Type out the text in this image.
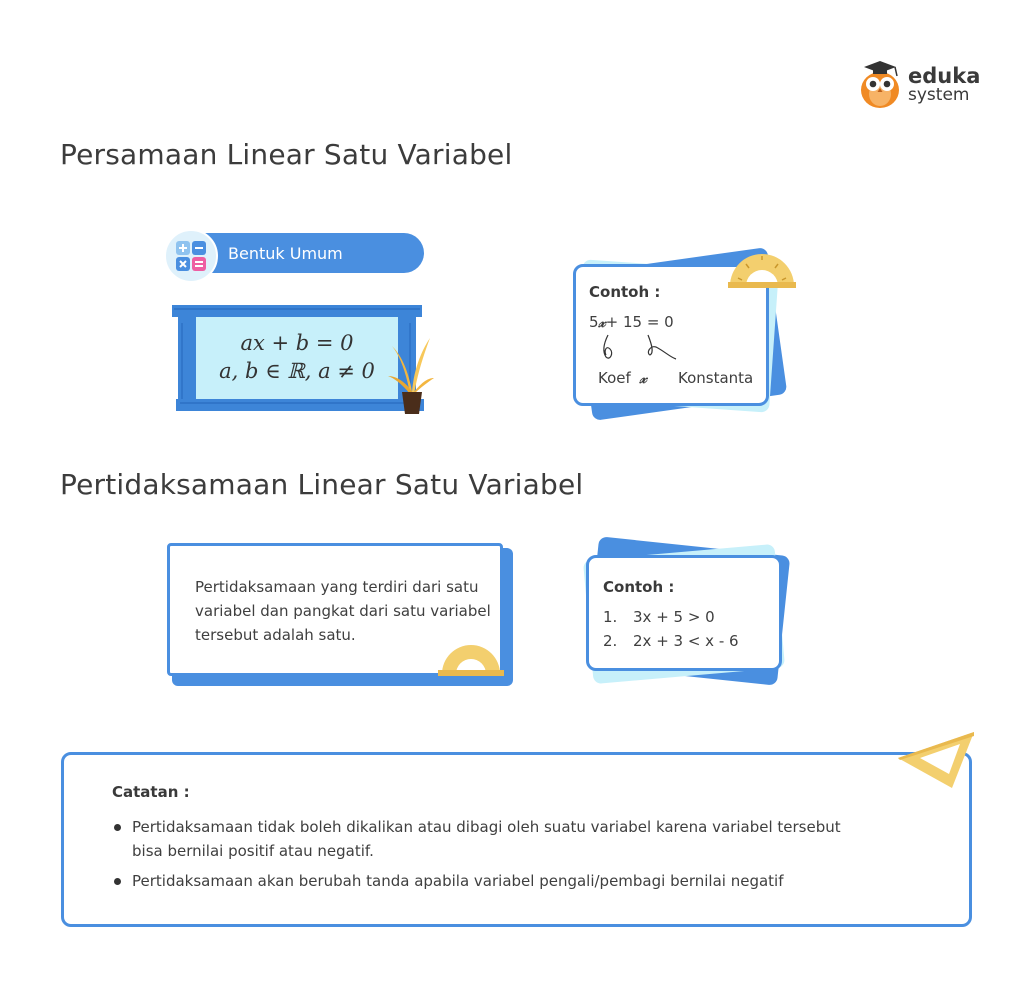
eduka
system
Persamaan Linear Satu Variabel
Bentuk Umum
ax + b = 0
a, b ∈ ℝ, a ≠ 0
Contoh :
5𝓍+ 15 = 0
Koef 𝓍 Konstanta
Pertidaksamaan Linear Satu Variabel
Pertidaksamaan yang terdiri dari satu variabel dan pangkat dari satu variabel tersebut adalah satu.
Contoh :
1. 3x + 5 > 0
2. 2x + 3 < x - 6
Catatan :
Pertidaksamaan tidak boleh dikalikan atau dibagi oleh suatu variabel karena variabel tersebut bisa bernilai positif atau negatif.
Pertidaksamaan akan berubah tanda apabila variabel pengali/pembagi bernilai negatif
